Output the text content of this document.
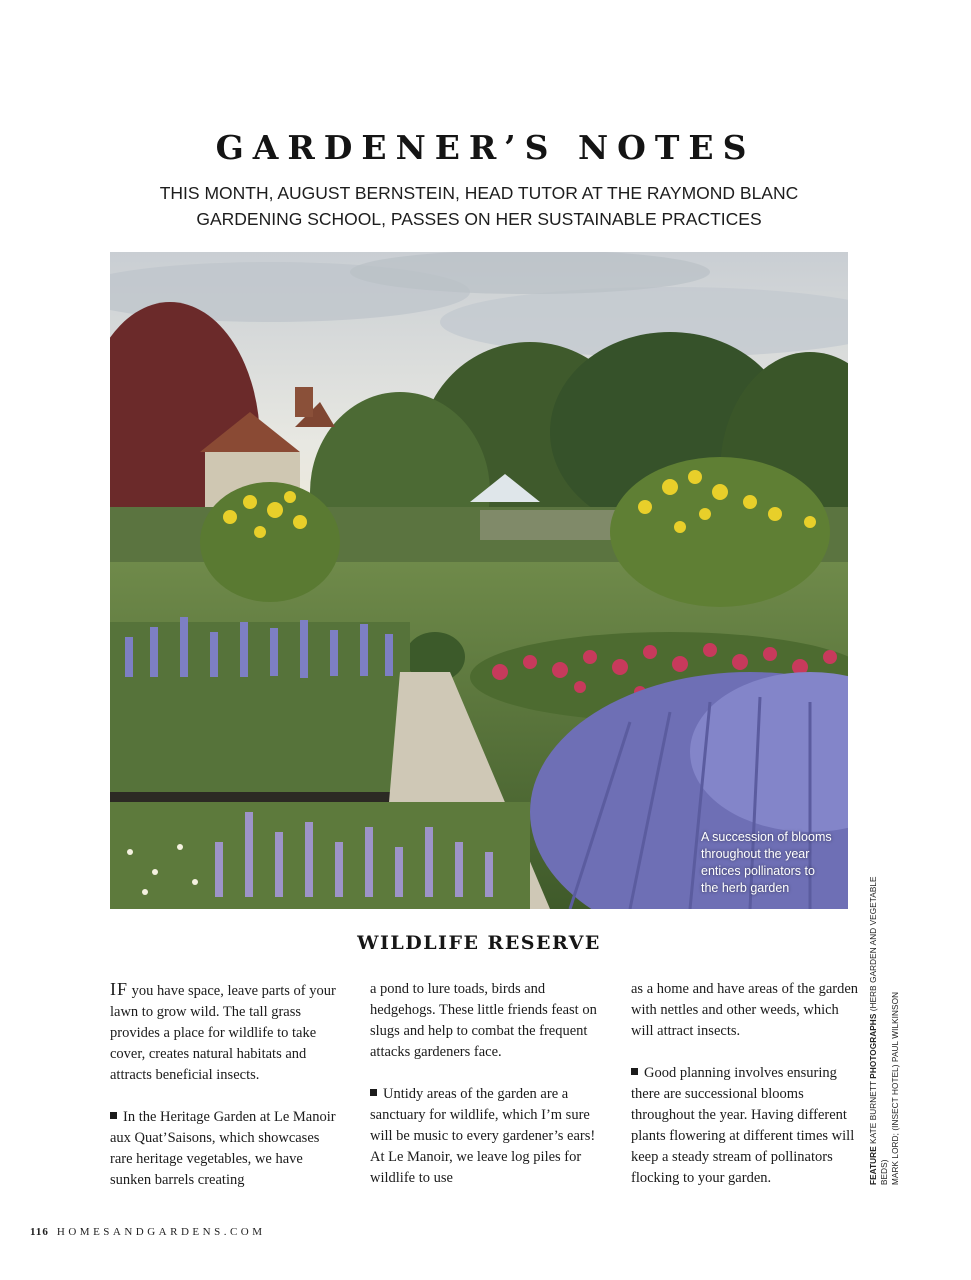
GARDENER’S NOTES
THIS MONTH, AUGUST BERNSTEIN, HEAD TUTOR AT THE RAYMOND BLANC
GARDENING SCHOOL, PASSES ON HER SUSTAINABLE PRACTICES
A succession of blooms
throughout the year
entices pollinators to
the herb garden
WILDLIFE RESERVE

IF you have space, leave parts of your lawn to grow wild. The tall grass provides a place for wildlife to take cover, creates natural habitats and attracts beneficial insects.

In the Heritage Garden at Le Manoir aux Quat’Saisons, which showcases rare heritage vegetables, we have sunken barrels creating

a pond to lure toads, birds and hedgehogs. These little friends feast on slugs and help to combat the frequent attacks gardeners face.

Untidy areas of the garden are a sanctuary for wildlife, which I’m sure will be music to every gardener’s ears! At Le Manoir, we leave log piles for wildlife to use

as a home and have areas of the garden with nettles and other weeds, which will attract insects.

Good planning involves ensuring there are successional blooms throughout the year. Having different plants flowering at different times will keep a steady stream of pollinators flocking to your garden.	FEATURE KATE BURNETT PHOTOGRAPHS (HERB GARDEN AND VEGETABLE BEDS) MARK LORD; (INSECT HOTEL) PAUL WILKINSON
116 HOMESANDGARDENS.COM
